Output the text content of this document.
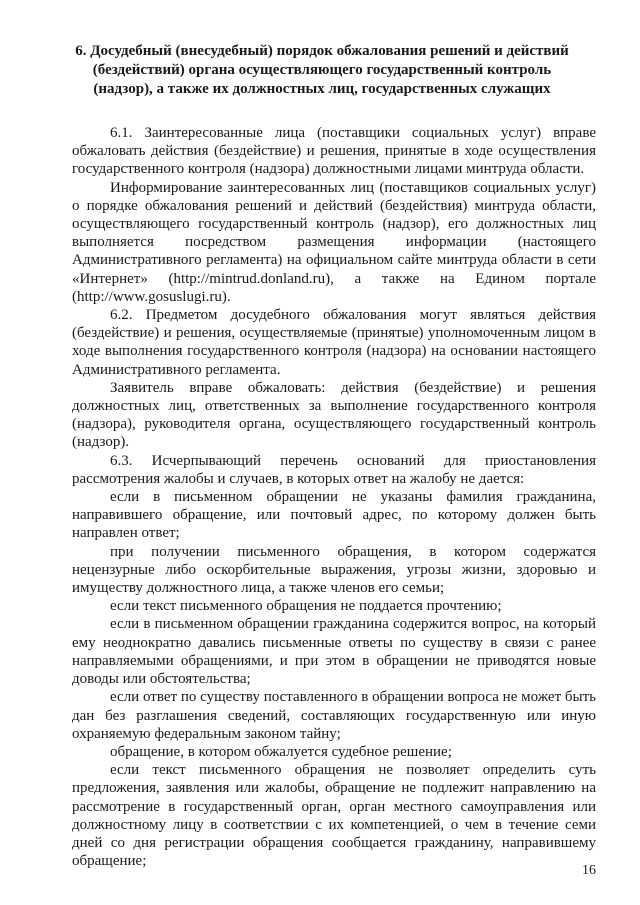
6. Досудебный (внесудебный) порядок обжалования решений и действий
(бездействий) органа осуществляющего государственный контроль
(надзор), а также их должностных лиц, государственных служащих

6.1. Заинтересованные лица (поставщики социальных услуг) вправе обжаловать действия (бездействие) и решения, принятые в ходе осуществления государственного контроля (надзора) должностными лицами минтруда области.

Информирование заинтересованных лиц (поставщиков социальных услуг) о порядке обжалования решений и действий (бездействия) минтруда области, осуществляющего государственный контроль (надзор), его должностных лиц выполняется посредством размещения информации (настоящего Административного регламента) на официальном сайте минтруда области в сети «Интернет» (http://mintrud.donland.ru), а также на Едином портале (http://www.gosuslugi.ru).

6.2. Предметом досудебного обжалования могут являться действия (бездействие) и решения, осуществляемые (принятые) уполномоченным лицом в ходе выполнения государственного контроля (надзора) на основании настоящего Административного регламента.

Заявитель вправе обжаловать: действия (бездействие) и решения должностных лиц, ответственных за выполнение государственного контроля (надзора), руководителя органа, осуществляющего государственный контроль (надзор).

6.3. Исчерпывающий перечень оснований для приостановления рассмотрения жалобы и случаев, в которых ответ на жалобу не дается:

если в письменном обращении не указаны фамилия гражданина, направившего обращение, или почтовый адрес, по которому должен быть направлен ответ;

при получении письменного обращения, в котором содержатся нецензурные либо оскорбительные выражения, угрозы жизни, здоровью и имуществу должностного лица, а также членов его семьи;

если текст письменного обращения не поддается прочтению;

если в письменном обращении гражданина содержится вопрос, на который ему неоднократно давались письменные ответы по существу в связи с ранее направляемыми обращениями, и при этом в обращении не приводятся новые доводы или обстоятельства;

если ответ по существу поставленного в обращении вопроса не может быть дан без разглашения сведений, составляющих государственную или иную охраняемую федеральным законом тайну;

обращение, в котором обжалуется судебное решение;

если текст письменного обращения не позволяет определить суть предложения, заявления или жалобы, обращение не подлежит направлению на рассмотрение в государственный орган, орган местного самоуправления или должностному лицу в соответствии с их компетенцией, о чем в течение семи дней со дня регистрации обращения сообщается гражданину, направившему обращение;

16
